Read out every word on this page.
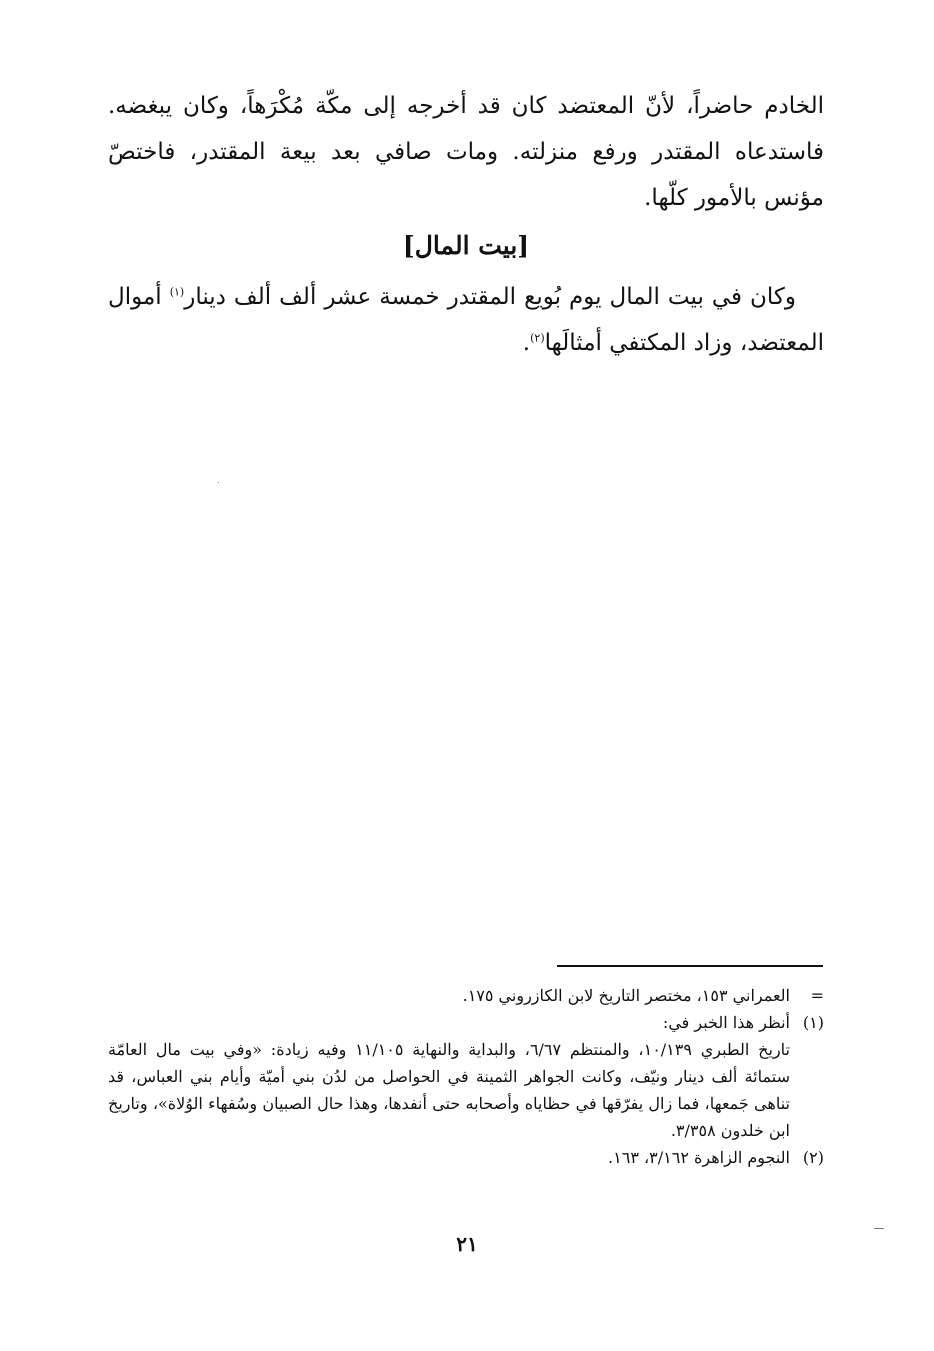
الخادم حاضراً، لأنّ المعتضد كان قد أخرجه إلى مكّة مُكْرَهاً، وكان يبغضه. فاستدعاه المقتدر ورفع منزلته. ومات صافي بعد بيعة المقتدر، فاختصّ مؤنس بالأمور كلّها.

[بيت المال]

وكان في بيت المال يوم بُويع المقتدر خمسة عشر ألف ألف دينار$^{(١)}$ أموال المعتضد، وزاد المكتفي أمثالَها$^{(٢)}$.

=
العمراني ١٥٣، مختصر التاريخ لابن الكازروني ١٧٥.
(١)
أنظر هذا الخبر في:
تاريخ الطبري ١٠/١٣٩، والمنتظم ٦/٦٧، والبداية والنهاية ١١/١٠٥ وفيه زيادة: «وفي بيت مال العامّة ستمائة ألف دينار ونيّف، وكانت الجواهر الثمينة في الحواصل من لدُن بني أميّة وأيام بني العباس، قد تناهى جَمعها، فما زال يفرّقها في حظاياه وأصحابه حتى أنفدها، وهذا حال الصبيان وسُفهاء الوُلاة»، وتاريخ ابن خلدون ٣/٣٥٨.
(٢)
النجوم الزاهرة ٣/١٦٢، ١٦٣.
٢١
